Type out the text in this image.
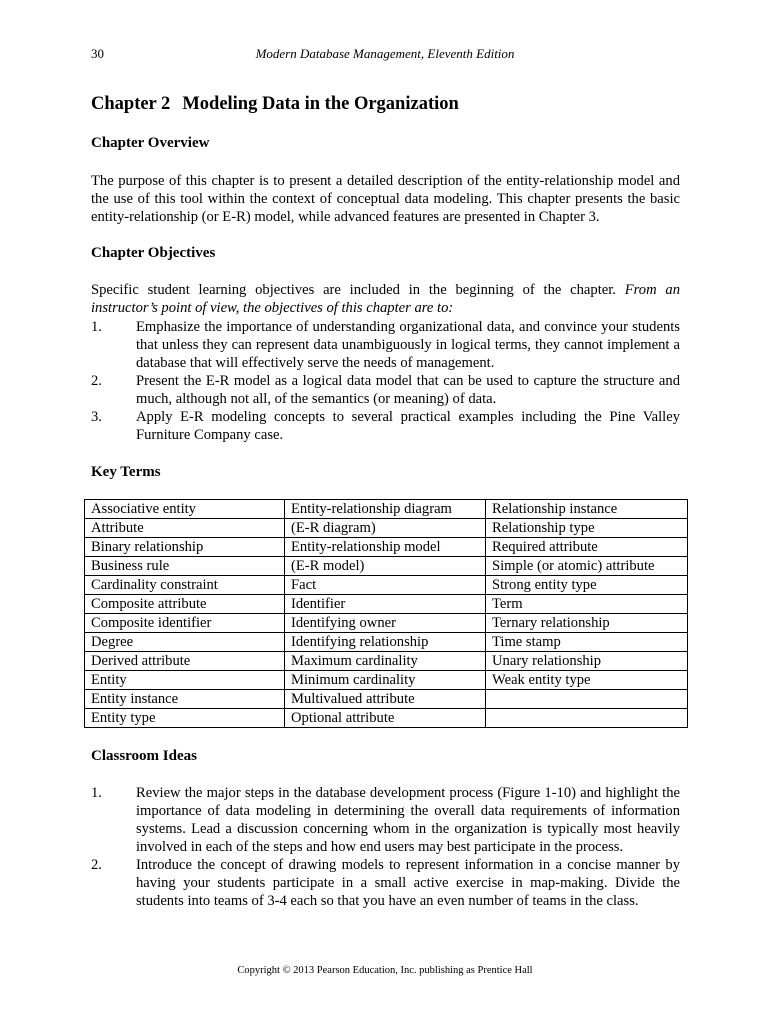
30	Modern Database Management, Eleventh Edition
Chapter 2 Modeling Data in the Organization
Chapter Overview
The purpose of this chapter is to present a detailed description of the entity-relationship model and the use of this tool within the context of conceptual data modeling. This chapter presents the basic entity-relationship (or E-R) model, while advanced features are presented in Chapter 3.
Chapter Objectives
Specific student learning objectives are included in the beginning of the chapter. From an instructor’s point of view, the objectives of this chapter are to:
1. Emphasize the importance of understanding organizational data, and convince your students that unless they can represent data unambiguously in logical terms, they cannot implement a database that will effectively serve the needs of management.
2. Present the E-R model as a logical data model that can be used to capture the structure and much, although not all, of the semantics (or meaning) of data.
3. Apply E-R modeling concepts to several practical examples including the Pine Valley Furniture Company case.
Key Terms
Associative entity	Entity-relationship diagram	Relationship instance
Attribute	(E-R diagram)	Relationship type
Binary relationship	Entity-relationship model	Required attribute
Business rule	(E-R model)	Simple (or atomic) attribute
Cardinality constraint	Fact	Strong entity type
Composite attribute	Identifier	Term
Composite identifier	Identifying owner	Ternary relationship
Degree	Identifying relationship	Time stamp
Derived attribute	Maximum cardinality	Unary relationship
Entity	Minimum cardinality	Weak entity type
Entity instance	Multivalued attribute	
Entity type	Optional attribute	
Classroom Ideas
1. Review the major steps in the database development process (Figure 1-10) and highlight the importance of data modeling in determining the overall data requirements of information systems. Lead a discussion concerning whom in the organization is typically most heavily involved in each of the steps and how end users may best participate in the process.
2. Introduce the concept of drawing models to represent information in a concise manner by having your students participate in a small active exercise in map-making. Divide the students into teams of 3-4 each so that you have an even number of teams in the class.
Copyright © 2013 Pearson Education, Inc. publishing as Prentice Hall
